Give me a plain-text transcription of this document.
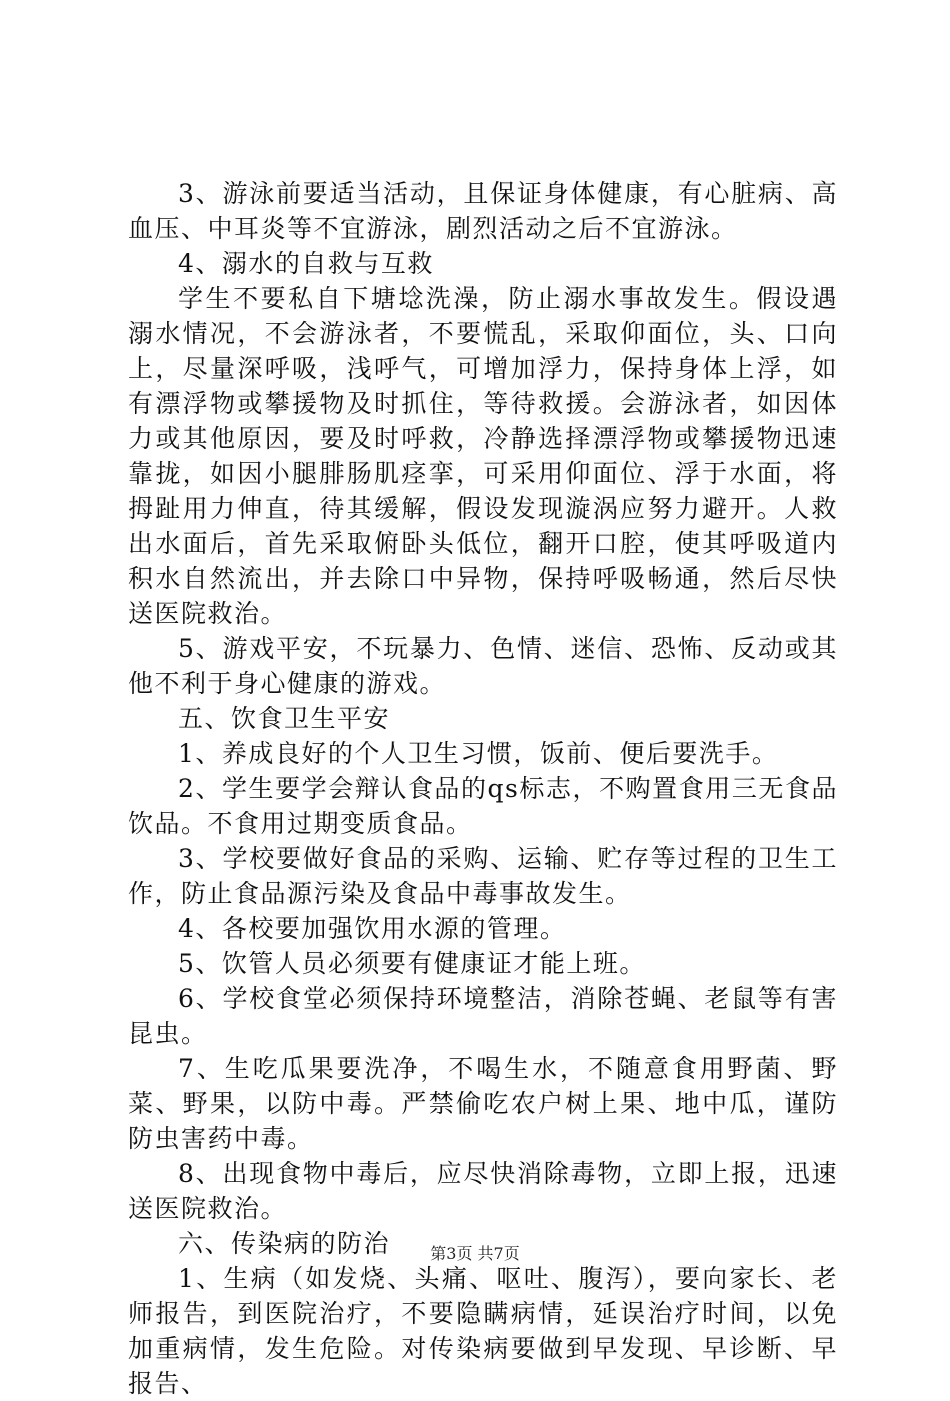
3、游泳前要适当活动，且保证身体健康，有心脏病、高血压、中耳炎等不宜游泳，剧烈活动之后不宜游泳。

4、溺水的自救与互救

学生不要私自下塘埝洗澡，防止溺水事故发生。假设遇溺水情况，不会游泳者，不要慌乱，采取仰面位，头、口向上，尽量深呼吸，浅呼气，可增加浮力，保持身体上浮，如有漂浮物或攀援物及时抓住，等待救援。会游泳者，如因体力或其他原因，要及时呼救，冷静选择漂浮物或攀援物迅速靠拢，如因小腿腓肠肌痉挛，可采用仰面位、浮于水面，将拇趾用力伸直，待其缓解，假设发现漩涡应努力避开。人救出水面后，首先采取俯卧头低位，翻开口腔，使其呼吸道内积水自然流出，并去除口中异物，保持呼吸畅通，然后尽快送医院救治。

5、游戏平安，不玩暴力、色情、迷信、恐怖、反动或其他不利于身心健康的游戏。

五、饮食卫生平安

1、养成良好的个人卫生习惯，饭前、便后要洗手。

2、学生要学会辩认食品的qs标志，不购置食用三无食品饮品。不食用过期变质食品。

3、学校要做好食品的采购、运输、贮存等过程的卫生工作，防止食品源污染及食品中毒事故发生。

4、各校要加强饮用水源的管理。

5、饮管人员必须要有健康证才能上班。

6、学校食堂必须保持环境整洁，消除苍蝇、老鼠等有害昆虫。

7、生吃瓜果要洗净，不喝生水，不随意食用野菌、野菜、野果，以防中毒。严禁偷吃农户树上果、地中瓜，谨防防虫害药中毒。

8、出现食物中毒后，应尽快消除毒物，立即上报，迅速送医院救治。

六、传染病的防治

1、生病（如发烧、头痛、呕吐、腹泻），要向家长、老师报告，到医院治疗，不要隐瞒病情，延误治疗时间，以免加重病情，发生危险。对传染病要做到早发现、早诊断、早报告、

第3页 共7页
